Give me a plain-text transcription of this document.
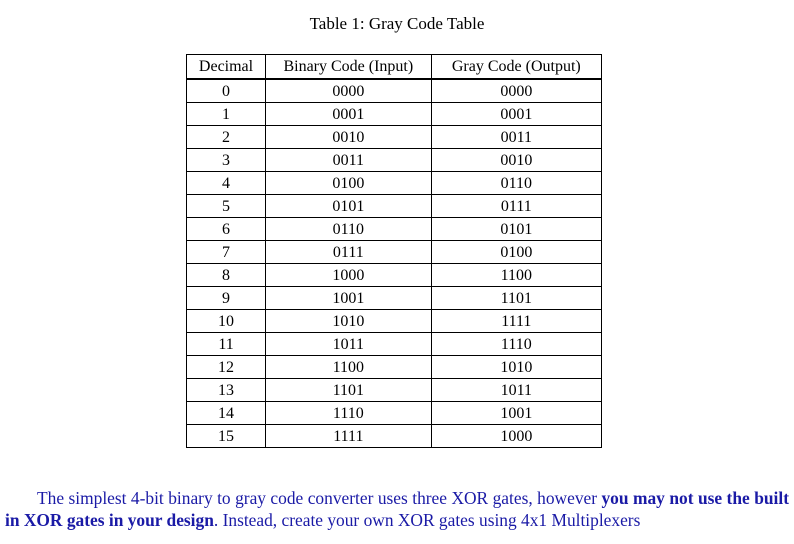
Table 1: Gray Code Table
Decimal	Binary Code (Input)	Gray Code (Output)
0	0000	0000
1	0001	0001
2	0010	0011
3	0011	0010
4	0100	0110
5	0101	0111
6	0110	0101
7	0111	0100
8	1000	1100
9	1001	1101
10	1010	1111
11	1011	1110
12	1100	1010
13	1101	1011
14	1110	1001
15	1111	1000

The simplest 4-bit binary to gray code converter uses three XOR gates, however you may not use the built in XOR gates in your design. Instead, create your own XOR gates using 4x1 Multiplexers
